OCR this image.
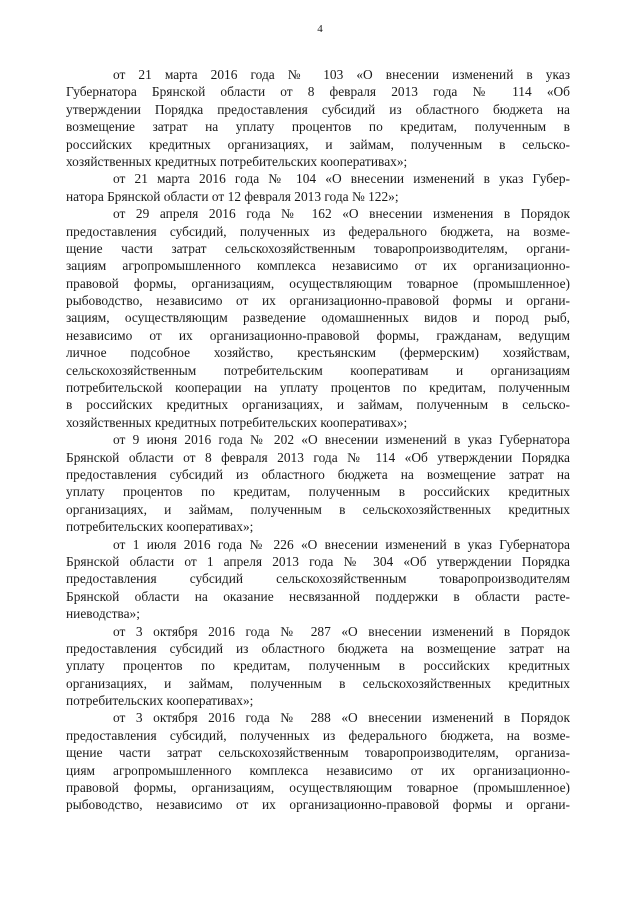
4
от 21 марта 2016 года № 103 «О внесении изменений в указ
Губернатора Брянской области от 8 февраля 2013 года № 114 «Об
утверждении Порядка предоставления субсидий из областного бюджета на
возмещение затрат на уплату процентов по кредитам, полученным в
российских кредитных организациях, и займам, полученным в сельско-
хозяйственных кредитных потребительских кооперативах»;
от 21 марта 2016 года № 104 «О внесении изменений в указ Губер-
натора Брянской области от 12 февраля 2013 года № 122»;
от 29 апреля 2016 года № 162 «О внесении изменения в Порядок
предоставления субсидий, полученных из федерального бюджета, на возме-
щение части затрат сельскохозяйственным товаропроизводителям, органи-
зациям агропромышленного комплекса независимо от их организационно-
правовой формы, организациям, осуществляющим товарное (промышленное)
рыбоводство, независимо от их организационно-правовой формы и органи-
зациям, осуществляющим разведение одомашненных видов и пород рыб,
независимо от их организационно-правовой формы, гражданам, ведущим
личное подсобное хозяйство, крестьянским (фермерским) хозяйствам,
сельскохозяйственным потребительским кооперативам и организациям
потребительской кооперации на уплату процентов по кредитам, полученным
в российских кредитных организациях, и займам, полученным в сельско-
хозяйственных кредитных потребительских кооперативах»;
от 9 июня 2016 года № 202 «О внесении изменений в указ Губернатора
Брянской области от 8 февраля 2013 года № 114 «Об утверждении Порядка
предоставления субсидий из областного бюджета на возмещение затрат на
уплату процентов по кредитам, полученным в российских кредитных
организациях, и займам, полученным в сельскохозяйственных кредитных
потребительских кооперативах»;
от 1 июля 2016 года № 226 «О внесении изменений в указ Губернатора
Брянской области от 1 апреля 2013 года № 304 «Об утверждении Порядка
предоставления субсидий сельскохозяйственным товаропроизводителям
Брянской области на оказание несвязанной поддержки в области расте-
ниеводства»;
от 3 октября 2016 года № 287 «О внесении изменений в Порядок
предоставления субсидий из областного бюджета на возмещение затрат на
уплату процентов по кредитам, полученным в российских кредитных
организациях, и займам, полученным в сельскохозяйственных кредитных
потребительских кооперативах»;
от 3 октября 2016 года № 288 «О внесении изменений в Порядок
предоставления субсидий, полученных из федерального бюджета, на возме-
щение части затрат сельскохозяйственным товаропроизводителям, организа-
циям агропромышленного комплекса независимо от их организационно-
правовой формы, организациям, осуществляющим товарное (промышленное)
рыбоводство, независимо от их организационно-правовой формы и органи-
